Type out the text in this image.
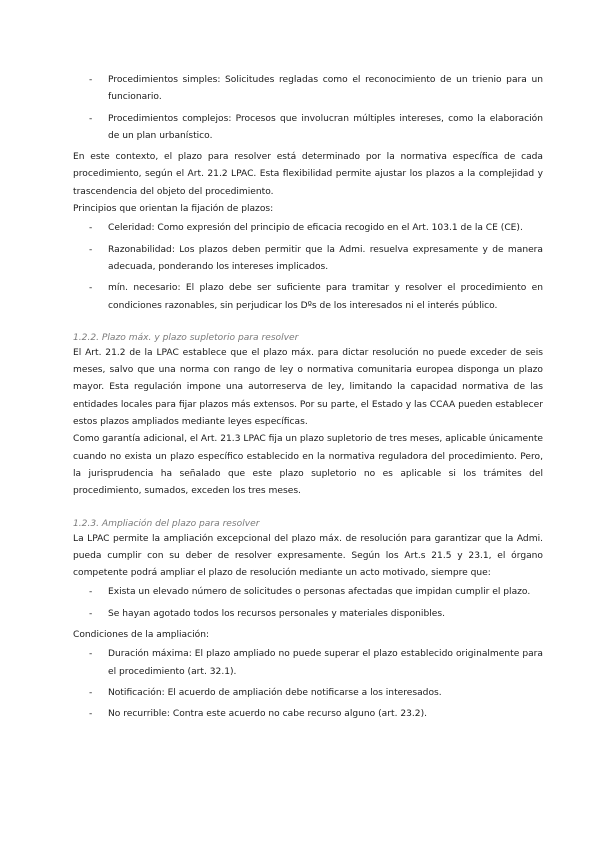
- Procedimientos simples: Solicitudes regladas como el reconocimiento de un trienio para un funcionario.
- Procedimientos complejos: Procesos que involucran múltiples intereses, como la elaboración de un plan urbanístico.

En este contexto, el plazo para resolver está determinado por la normativa específica de cada procedimiento, según el Art. 21.2 LPAC. Esta flexibilidad permite ajustar los plazos a la complejidad y trascendencia del objeto del procedimiento.

Principios que orientan la fijación de plazos:

- Celeridad: Como expresión del principio de eficacia recogido en el Art. 103.1 de la CE (CE).
- Razonabilidad: Los plazos deben permitir que la Admi. resuelva expresamente y de manera adecuada, ponderando los intereses implicados.
- mín. necesario: El plazo debe ser suficiente para tramitar y resolver el procedimiento en condiciones razonables, sin perjudicar los Dºs de los interesados ni el interés público.
1.2.2. Plazo máx. y plazo supletorio para resolver

El Art. 21.2 de la LPAC establece que el plazo máx. para dictar resolución no puede exceder de seis meses, salvo que una norma con rango de ley o normativa comunitaria europea disponga un plazo mayor. Esta regulación impone una autorreserva de ley, limitando la capacidad normativa de las entidades locales para fijar plazos más extensos. Por su parte, el Estado y las CCAA pueden establecer estos plazos ampliados mediante leyes específicas.

Como garantía adicional, el Art. 21.3 LPAC fija un plazo supletorio de tres meses, aplicable únicamente cuando no exista un plazo específico establecido en la normativa reguladora del procedimiento. Pero, la jurisprudencia ha señalado que este plazo supletorio no es aplicable si los trámites del procedimiento, sumados, exceden los tres meses.

1.2.3. Ampliación del plazo para resolver

La LPAC permite la ampliación excepcional del plazo máx. de resolución para garantizar que la Admi. pueda cumplir con su deber de resolver expresamente. Según los Art.s 21.5 y 23.1, el órgano competente podrá ampliar el plazo de resolución mediante un acto motivado, siempre que:

- Exista un elevado número de solicitudes o personas afectadas que impidan cumplir el plazo.
- Se hayan agotado todos los recursos personales y materiales disponibles.

Condiciones de la ampliación:

- Duración máxima: El plazo ampliado no puede superar el plazo establecido originalmente para el procedimiento (art. 32.1).
- Notificación: El acuerdo de ampliación debe notificarse a los interesados.
- No recurrible: Contra este acuerdo no cabe recurso alguno (art. 23.2).
